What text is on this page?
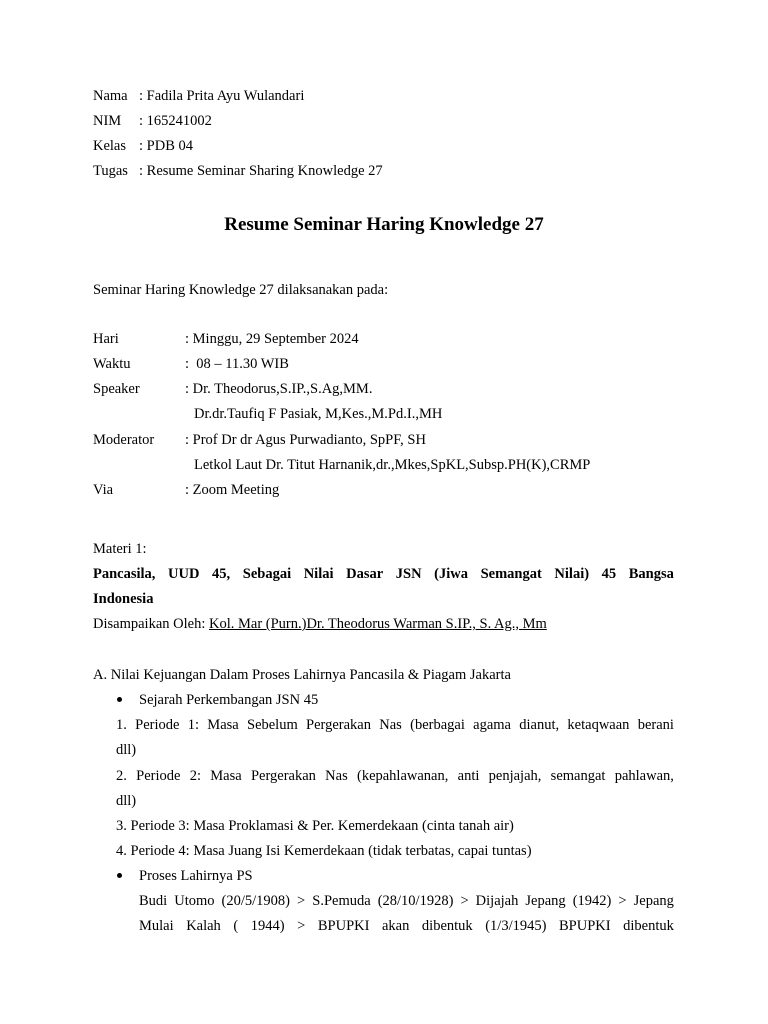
Nama : Fadila Prita Ayu Wulandari
NIM : 165241002
Kelas : PDB 04
Tugas : Resume Seminar Sharing Knowledge 27
Resume Seminar Haring Knowledge 27
Seminar Haring Knowledge 27 dilaksanakan pada:
Hari	: Minggu, 29 September 2024
Waktu	:  08 – 11.30 WIB
Speaker	: Dr. Theodorus,S.IP.,S.Ag,MM.
Dr.dr.Taufiq F Pasiak, M,Kes.,M.Pd.I.,MH
Moderator : Prof Dr dr Agus Purwadianto, SpPF, SH
Letkol Laut Dr. Titut Harnanik,dr.,Mkes,SpKL,Subsp.PH(K),CRMP
Via	: Zoom Meeting
Materi 1:
Pancasila, UUD 45, Sebagai Nilai Dasar JSN (Jiwa Semangat Nilai) 45 Bangsa
Indonesia
Disampaikan Oleh: Kol. Mar (Purn.)Dr. Theodorus Warman S.IP., S. Ag., Mm
A. Nilai Kejuangan Dalam Proses Lahirnya Pancasila & Piagam Jakarta
Sejarah Perkembangan JSN 45
1. Periode 1: Masa Sebelum Pergerakan Nas (berbagai agama dianut, ketaqwaan berani
dll)
2. Periode 2: Masa Pergerakan Nas (kepahlawanan, anti penjajah, semangat pahlawan,
dll)
3. Periode 3: Masa Proklamasi & Per. Kemerdekaan (cinta tanah air)
4. Periode 4: Masa Juang Isi Kemerdekaan (tidak terbatas, capai tuntas)
Proses Lahirnya PS
Budi Utomo (20/5/1908) > S.Pemuda (28/10/1928) > Dijajah Jepang (1942) > Jepang
Mulai Kalah ( 1944) > BPUPKI akan dibentuk (1/3/1945) BPUPKI dibentuk
